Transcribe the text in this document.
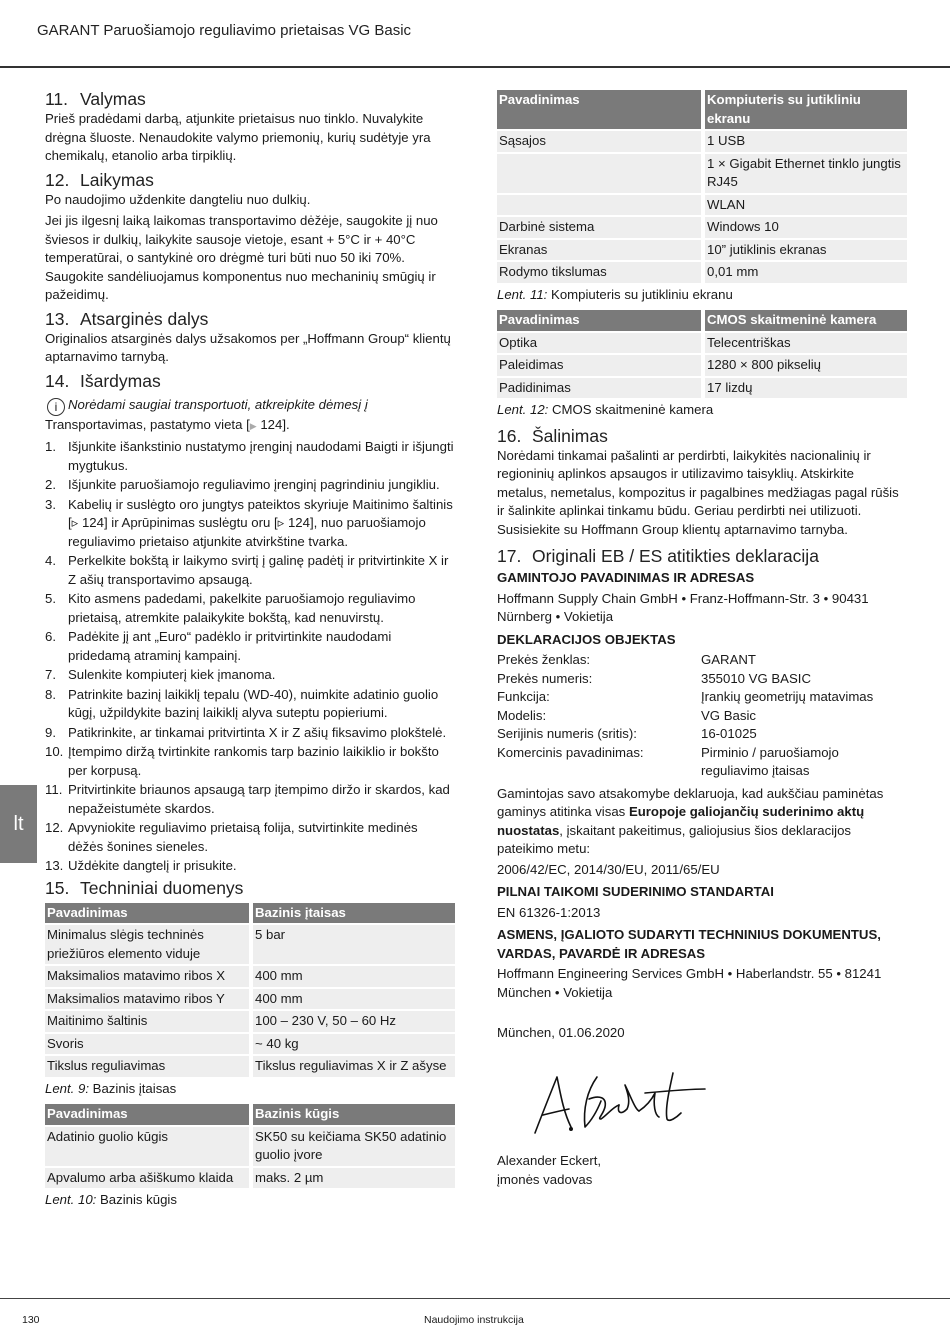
GARANT Paruošiamojo reguliavimo prietaisas VG Basic
lt
11. Valymas

Prieš pradėdami darbą, atjunkite prietaisus nuo tinklo. Nuvalykite drėgna šluoste. Nenaudokite valymo priemonių, kurių sudėtyje yra chemikalų, etanolio arba tirpiklių.

12. Laikymas

Po naudojimo uždenkite dangteliu nuo dulkių.

Jei jis ilgesnį laiką laikomas transportavimo dėžėje, saugokite jį nuo šviesos ir dulkių, laikykite sausoje vietoje, esant + 5°C ir + 40°C temperatūrai, o santykinė oro drėgmė turi būti nuo 50 iki 70%. Saugokite sandėliuojamus komponentus nuo mechaninių smūgių ir pažeidimų.

13. Atsarginės dalys

Originalios atsarginės dalys užsakomos per „Hoffmann Group“ klientų aptarnavimo tarnybą.

14. Išardymas

i Norėdami saugiai transportuoti, atkreipkite dėmesį į

Transportavimas, pastatymo vieta [▶ 124].

1. Išjunkite išankstinio nustatymo įrenginį naudodami Baigti ir išjungti mygtukus.
2. Išjunkite paruošiamojo reguliavimo įrenginį pagrindiniu jungikliu.
3. Kabelių ir suslėgto oro jungtys pateiktos skyriuje Maitinimo šaltinis [▹ 124] ir Aprūpinimas suslėgtu oru [▹ 124], nuo paruošiamojo reguliavimo prietaiso atjunkite atvirkštine tvarka.
4. Perkelkite bokštą ir laikymo svirtį į galinę padėtį ir pritvirtinkite X ir Z ašių transportavimo apsaugą.
5. Kito asmens padedami, pakelkite paruošiamojo reguliavimo prietaisą, atremkite palaikykite bokštą, kad nenuvirstų.
6. Padėkite jį ant „Euro“ padėklo ir pritvirtinkite naudodami pridedamą atraminį kampainį.
7. Sulenkite kompiuterį kiek įmanoma.
8. Patrinkite bazinį laikiklį tepalu (WD-40), nuimkite adatinio guolio kūgį, užpildykite bazinį laikiklį alyva suteptu popieriumi.
9. Patikrinkite, ar tinkamai pritvirtinta X ir Z ašių fiksavimo plokštelė.
10. Įtempimo diržą tvirtinkite rankomis tarp bazinio laikiklio ir bokšto per korpusą.
11. Pritvirtinkite briaunos apsaugą tarp įtempimo diržo ir skardos, kad nepažeistumėte skardos.
12. Apvyniokite reguliavimo prietaisą folija, sutvirtinkite medinės dėžės šonines sieneles.
13. Uždėkite dangtelį ir prisukite.
15. Techniniai duomenys
Pavadinimas	Bazinis įtaisas
Minimalus slėgis techninės priežiūros elemento viduje	5 bar
Maksimalios matavimo ribos X	400 mm
Maksimalios matavimo ribos Y	400 mm
Maitinimo šaltinis	100 – 230 V, 50 – 60 Hz
Svoris	~ 40 kg
Tikslus reguliavimas	Tikslus reguliavimas X ir Z ašyse

Lent. 9: Bazinis įtaisas

Pavadinimas	Bazinis kūgis
Adatinio guolio kūgis	SK50 su keičiama SK50 adatinio guolio įvore
Apvalumo arba ašiškumo klaida	maks. 2 µm

Lent. 10: Bazinis kūgis

Pavadinimas	Kompiuteris su jutikliniu ekranu
Sąsajos	1 USB
	1 × Gigabit Ethernet tinklo jungtis RJ45
	WLAN
Darbinė sistema	Windows 10
Ekranas	10” jutiklinis ekranas
Rodymo tikslumas	0,01 mm

Lent. 11: Kompiuteris su jutikliniu ekranu

Pavadinimas	CMOS skaitmeninė kamera
Optika	Telecentriškas
Paleidimas	1280 × 800 pikselių
Padidinimas	17 lizdų

Lent. 12: CMOS skaitmeninė kamera

16. Šalinimas

Norėdami tinkamai pašalinti ar perdirbti, laikykitės nacionalinių ir regioninių aplinkos apsaugos ir utilizavimo taisyklių. Atskirkite metalus, nemetalus, kompozitus ir pagalbines medžiagas pagal rūšis ir šalinkite aplinkai tinkamu būdu. Geriau perdirbti nei utilizuoti. Susisiekite su Hoffmann Group klientų aptarnavimo tarnyba.

17. Originali EB / ES atitikties deklaracija

GAMINTOJO PAVADINIMAS IR ADRESAS

Hoffmann Supply Chain GmbH • Franz-Hoffmann-Str. 3 • 90431 Nürnberg • Vokietija

DEKLARACIJOS OBJEKTAS

Prekės ženklas:	GARANT
Prekės numeris:	355010 VG BASIC
Funkcija:	Įrankių geometrijų matavimas
Modelis:	VG Basic
Serijinis numeris (sritis):	16-01025
Komercinis pavadinimas:	Pirminio / paruošiamojo reguliavimo įtaisas

Gamintojas savo atsakomybe deklaruoja, kad aukščiau paminėtas gaminys atitinka visas Europoje galiojančių suderinimo aktų nuostatas, įskaitant pakeitimus, galiojusius šios deklaracijos pateikimo metu:

2006/42/EC, 2014/30/EU, 2011/65/EU

PILNAI TAIKOMI SUDERINIMO STANDARTAI

EN 61326-1:2013

ASMENS, ĮGALIOTO SUDARYTI TECHNINIUS DOKUMENTUS, VARDAS, PAVARDĖ IR ADRESAS

Hoffmann Engineering Services GmbH • Haberlandstr. 55 • 81241 München • Vokietija

München, 01.06.2020

Alexander Eckert,

įmonės vadovas

130	Naudojimo instrukcija
